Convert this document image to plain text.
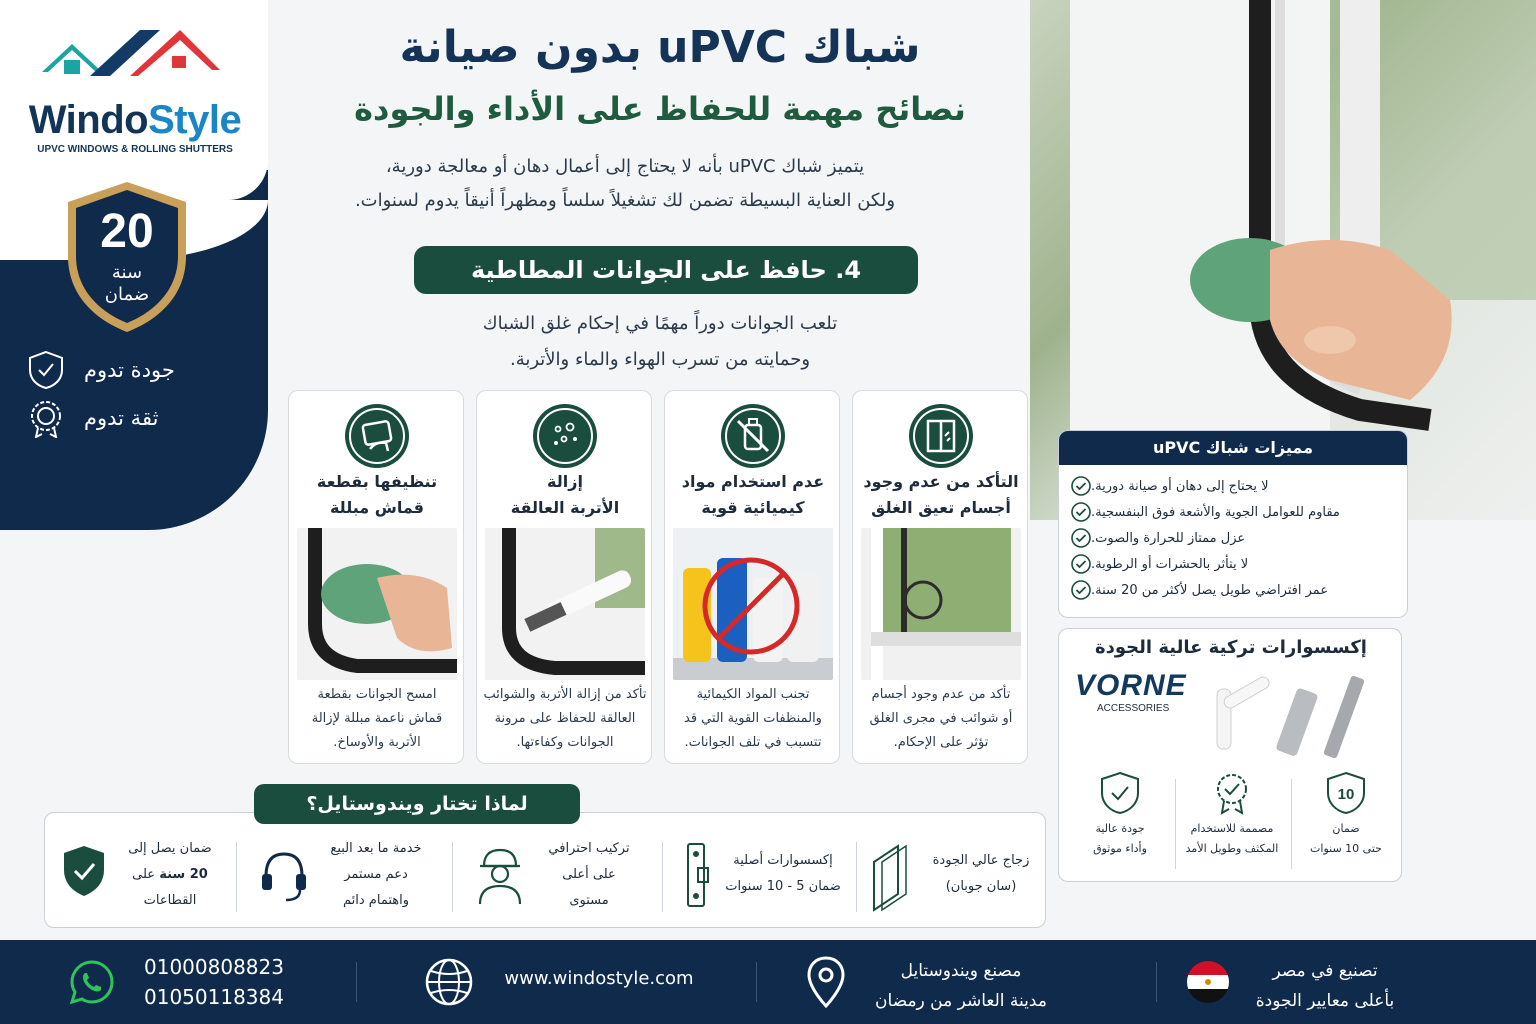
WindoStyle
UPVC WINDOWS & ROLLING SHUTTERS
20
سنة
ضمان
جودة تدوم
ثقة تدوم
شباك uPVC بدون صيانة
نصائح مهمة للحفاظ على الأداء والجودة
يتميز شباك uPVC بأنه لا يحتاج إلى أعمال دهان أو معالجة دورية،
ولكن العناية البسيطة تضمن لك تشغيلاً سلساً ومظهراً أنيقاً يدوم لسنوات.
4. حافظ على الجوانات المطاطية
تلعب الجوانات دوراً مهمًا في إحكام غلق الشباك
وحمايته من تسرب الهواء والماء والأتربة.
التأكد من عدم وجود
أجسام تعيق الغلق
تأكد من عدم وجود أجسام
أو شوائب في مجرى الغلق
تؤثر على الإحكام.
عدم استخدام مواد
كيميائية قوية
تجنب المواد الكيمائية
والمنظفات القوية التي قد
تتسبب في تلف الجوانات.
إزالة
الأتربة العالقة
تأكد من إزالة الأتربة والشوائب
العالقة للحفاظ على مرونة
الجوانات وكفاءتها.
تنظيفها بقطعة
قماش مبللة
امسح الجوانات بقطعة
قماش ناعمة مبللة لإزالة
الأتربة والأوساخ.
مميزات شباك uPVC
لا يحتاج إلى دهان أو صيانة دورية.
مقاوم للعوامل الجوية والأشعة فوق البنفسجية.
عزل ممتاز للحرارة والصوت.
لا يتأثر بالحشرات أو الرطوبة.
عمر افتراضي طويل يصل لأكثر من 20 سنة.
إكسسوارات تركية عالية الجودة
VORNE
ACCESSORIES
10
ضمان
حتى 10 سنوات
مصممة للاستخدام
المكثف وطويل الأمد
جودة عالية
وأداء موثوق
لماذا تختار ويندوستايل؟
زجاج عالي الجودة
(سان جوبان)
إكسسوارات أصلية
ضمان 5 - 10 سنوات
تركيب احترافي
على أعلى
مستوى
خدمة ما بعد البيع
دعم مستمر
واهتمام دائم
ضمان يصل إلى
20 سنة على
القطاعات
تصنيع في مصر
بأعلى معايير الجودة
مصنع ويندوستايل
مدينة العاشر من رمضان
www.windostyle.com
01000808823
01050118384
